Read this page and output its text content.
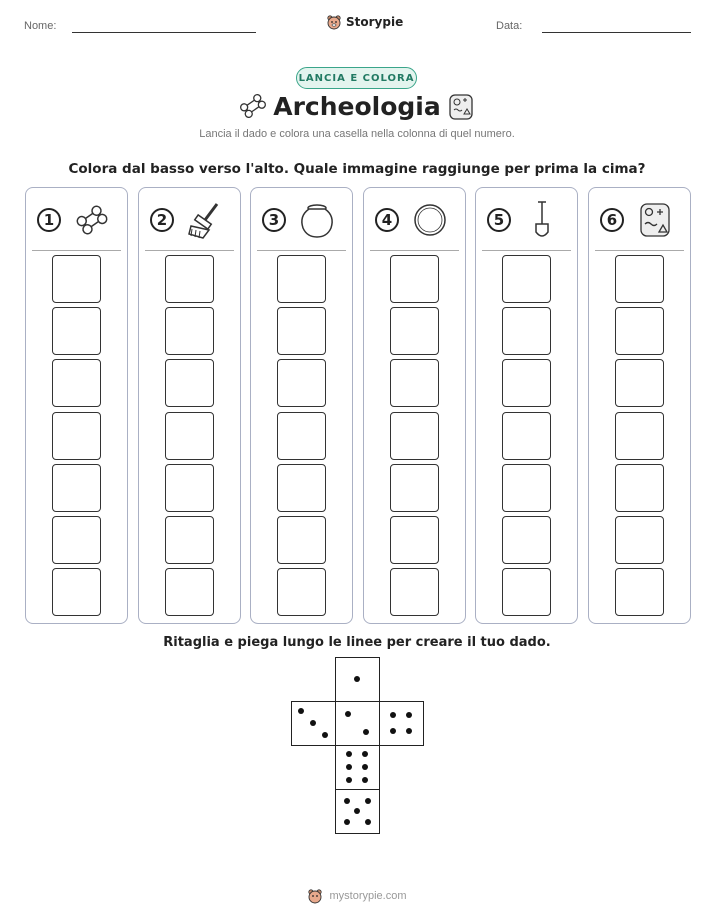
Nome:	Storypie	Data:
LANCIA E COLORA
Archeologia
Lancia il dado e colora una casella nella colonna di quel numero.
Colora dal basso verso l'alto. Quale immagine raggiunge per prima la cima?
1	2	3	4	5	6
Ritaglia e piega lungo le linee per creare il tuo dado.
mystorypie.com
